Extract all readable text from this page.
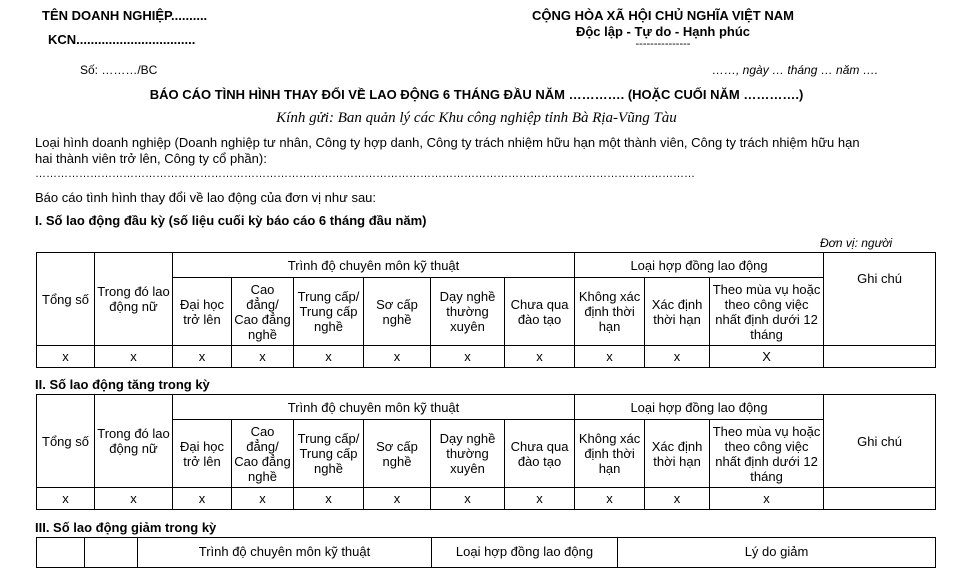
TÊN DOANH NGHIỆP..........
KCN.................................
CỘNG HÒA XÃ HỘI CHỦ NGHĨA VIỆT NAM
Độc lập - Tự do - Hạnh phúc
---------------
Số: ………/BC	……, ngày … tháng … năm ….
BÁO CÁO TÌNH HÌNH THAY ĐỔI VỀ LAO ĐỘNG 6 THÁNG ĐẦU NĂM …………. (HOẶC CUỐI NĂM ………….)
Kính gửi: Ban quản lý các Khu công nghiệp tỉnh Bà Rịa-Vũng Tàu
Loại hình doanh nghiệp (Doanh nghiệp tư nhân, Công ty hợp danh, Công ty trách nhiệm hữu hạn một thành viên, Công ty trách nhiệm hữu hạn
hai thành viên trở lên, Công ty cổ phần):
………………………………………………………………………………………………………………………………………………………………
Báo cáo tình hình thay đổi về lao động của đơn vị như sau:
I. Số lao động đầu kỳ (số liệu cuối kỳ báo cáo 6 tháng đầu năm)
Đơn vị: người
Tổng số	Trong đó lao động nữ	Trình độ chuyên môn kỹ thuật						Loại hợp đồng lao động			Ghi chú
		Đại học trở lên	Cao đẳng/ Cao đẳng nghề	Trung cấp/ Trung cấp nghề	Sơ cấp nghề	Dạy nghề thường xuyên	Chưa qua đào tạo	Không xác định thời hạn	Xác định thời hạn	Theo mùa vụ hoặc theo công việc nhất định dưới 12 tháng	
x	x	x	x	x	x	x	x	x	x	X	
II. Số lao động tăng trong kỳ
Tổng số	Trong đó lao động nữ	Trình độ chuyên môn kỹ thuật						Loại hợp đồng lao động			Ghi chú
		Đại học trở lên	Cao đẳng/ Cao đẳng nghề	Trung cấp/ Trung cấp nghề	Sơ cấp nghề	Dạy nghề thường xuyên	Chưa qua đào tạo	Không xác định thời hạn	Xác định thời hạn	Theo mùa vụ hoặc theo công việc nhất định dưới 12 tháng	
x	x	x	x	x	x	x	x	x	x	x	
III. Số lao động giảm trong kỳ
		Trình độ chuyên môn kỹ thuật	Loại hợp đồng lao động	Lý do giảm
